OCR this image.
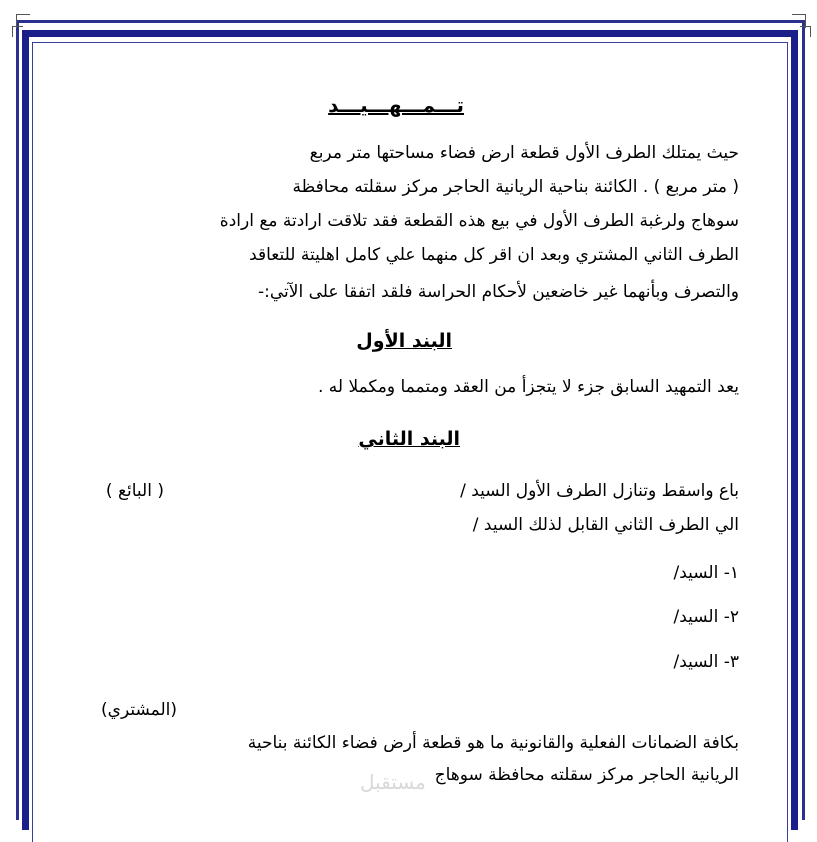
تـــمـــهـــيـــد
حيث يمتلك الطرف الأول قطعة ارض فضاء مساحتها متر مربع
( متر مربع ) . الكائنة بناحية الريانية الحاجر مركز سقلته محافظة
سوهاج ولرغبة الطرف الأول في بيع هذه القطعة فقد تلاقت ارادتة مع ارادة
الطرف الثاني المشتري وبعد ان اقر كل منهما علي كامل اهليتة للتعاقد
والتصرف وبأنهما غير خاضعين لأحكام الحراسة فلقد اتفقا على الآتي:-
البند الأول
يعد التمهيد السابق جزء لا يتجزأ من العقد ومتمما ومكملا له .
البند الثاني
باع واسقط وتنازل الطرف الأول السيد /
( البائع )
الي الطرف الثاني القابل لذلك السيد /
١- السيد/
٢- السيد/
٣- السيد/
(المشتري)
بكافة الضمانات الفعلية والقانونية ما هو قطعة أرض فضاء الكائنة بناحية
الريانية الحاجر مركز سقلته محافظة سوهاج
مستقبل
